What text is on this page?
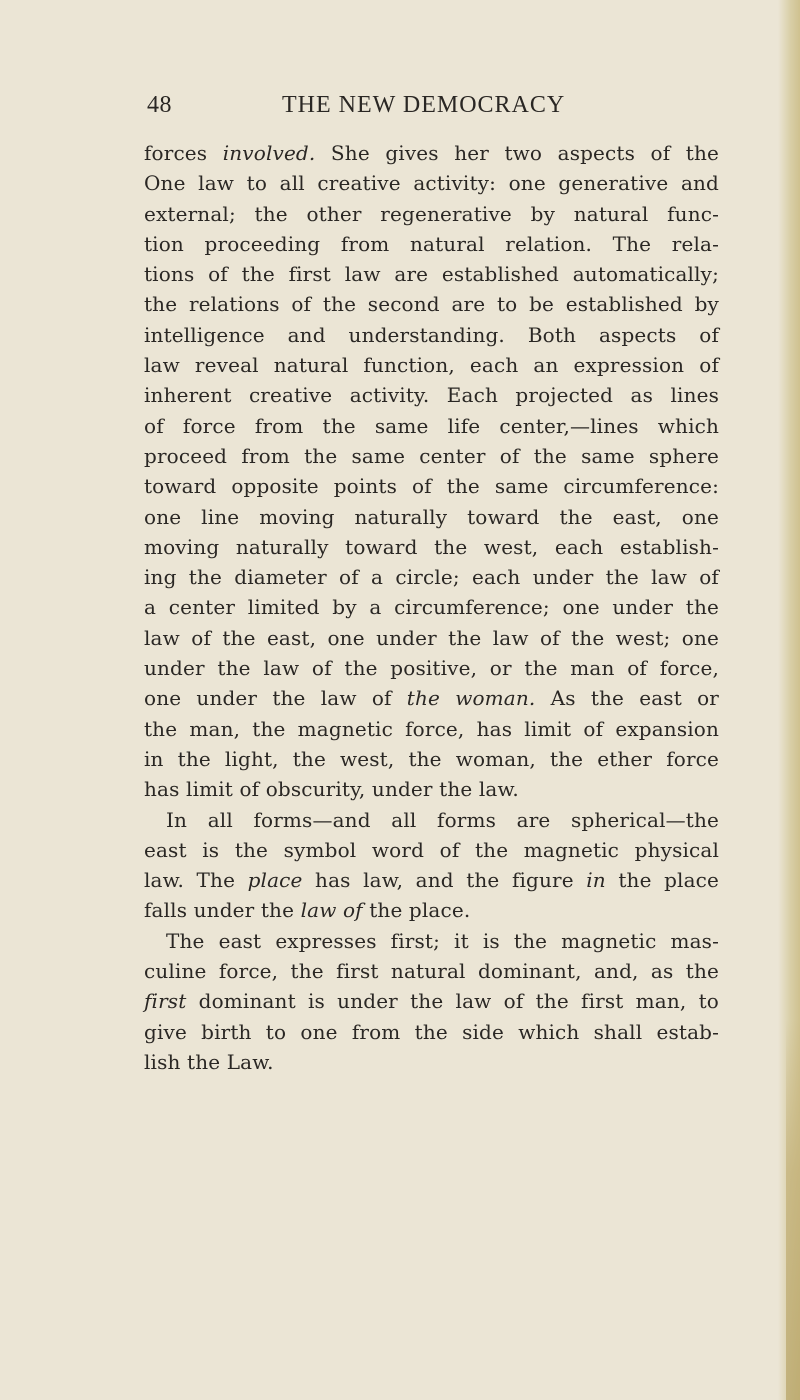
48	THE NEW DEMOCRACY
forces involved. She gives her two aspects of the
One law to all creative activity: one generative and
external; the other regenerative by natural func-
tion proceeding from natural relation. The rela-
tions of the first law are established automatically;
the relations of the second are to be established by
intelligence and understanding. Both aspects of
law reveal natural function, each an expression of
inherent creative activity. Each projected as lines
of force from the same life center,—lines which
proceed from the same center of the same sphere
toward opposite points of the same circumference:
one line moving naturally toward the east, one
moving naturally toward the west, each establish-
ing the diameter of a circle; each under the law of
a center limited by a circumference; one under the
law of the east, one under the law of the west; one
under the law of the positive, or the man of force,
one under the law of the woman. As the east or
the man, the magnetic force, has limit of expansion
in the light, the west, the woman, the ether force
has limit of obscurity, under the law.
In all forms—and all forms are spherical—the
east is the symbol word of the magnetic physical
law. The place has law, and the figure in the place
falls under the law of the place.
The east expresses first; it is the magnetic mas-
culine force, the first natural dominant, and, as the
first dominant is under the law of the first man, to
give birth to one from the side which shall estab-
lish the Law.
